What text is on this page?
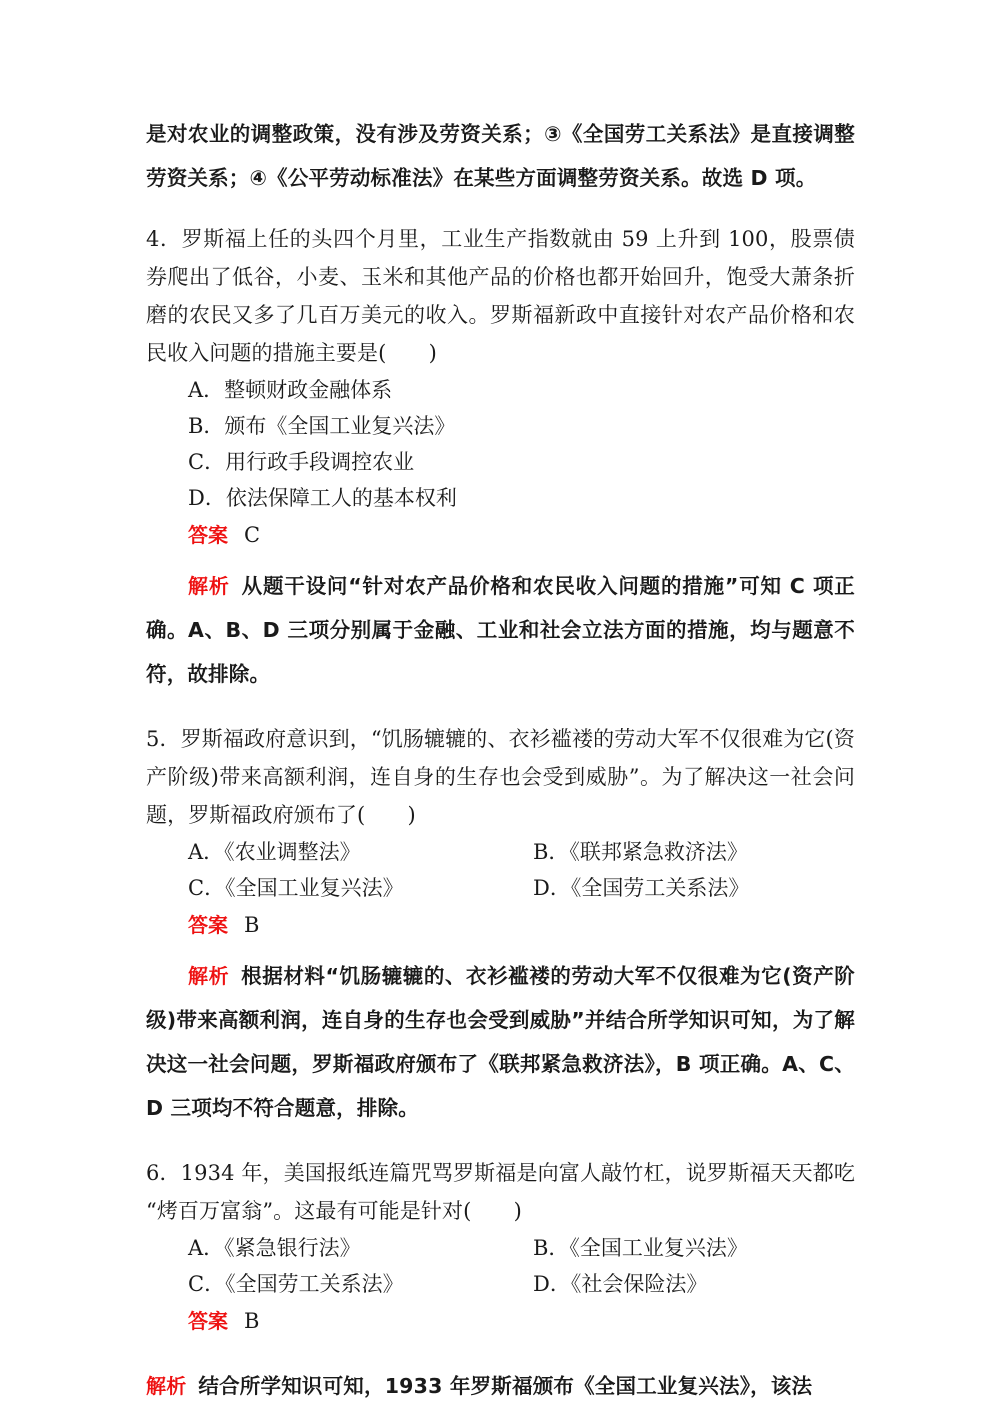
是对农业的调整政策，没有涉及劳资关系；③《全国劳工关系法》是直接调整劳资关系；④《公平劳动标准法》在某些方面调整劳资关系。故选 D 项。

4．罗斯福上任的头四个月里，工业生产指数就由 59 上升到 100，股票债券爬出了低谷，小麦、玉米和其他产品的价格也都开始回升，饱受大萧条折磨的农民又多了几百万美元的收入。罗斯福新政中直接针对农产品价格和农民收入问题的措施主要是(　　)

A．整顿财政金融体系
B．颁布《全国工业复兴法》
C．用行政手段调控农业
D．依法保障工人的基本权利
答案 C

解析 从题干设问“针对农产品价格和农民收入问题的措施”可知 C 项正确。A、B、D 三项分别属于金融、工业和社会立法方面的措施，均与题意不符，故排除。

5．罗斯福政府意识到，“饥肠辘辘的、衣衫褴褛的劳动大军不仅很难为它(资产阶级)带来高额利润，连自身的生存也会受到威胁”。为了解决这一社会问题，罗斯福政府颁布了(　　)

A．《农业调整法》	B．《联邦紧急救济法》
C．《全国工业复兴法》	D．《全国劳工关系法》
答案 B

解析 根据材料“饥肠辘辘的、衣衫褴褛的劳动大军不仅很难为它(资产阶级)带来高额利润，连自身的生存也会受到威胁”并结合所学知识可知，为了解决这一社会问题，罗斯福政府颁布了《联邦紧急救济法》，B 项正确。A、C、D 三项均不符合题意，排除。

6．1934 年，美国报纸连篇咒骂罗斯福是向富人敲竹杠，说罗斯福天天都吃“烤百万富翁”。这最有可能是针对(　　)

A．《紧急银行法》	B．《全国工业复兴法》
C．《全国劳工关系法》	D．《社会保险法》
答案 B

解析 结合所学知识可知，1933 年罗斯福颁布《全国工业复兴法》，该法
